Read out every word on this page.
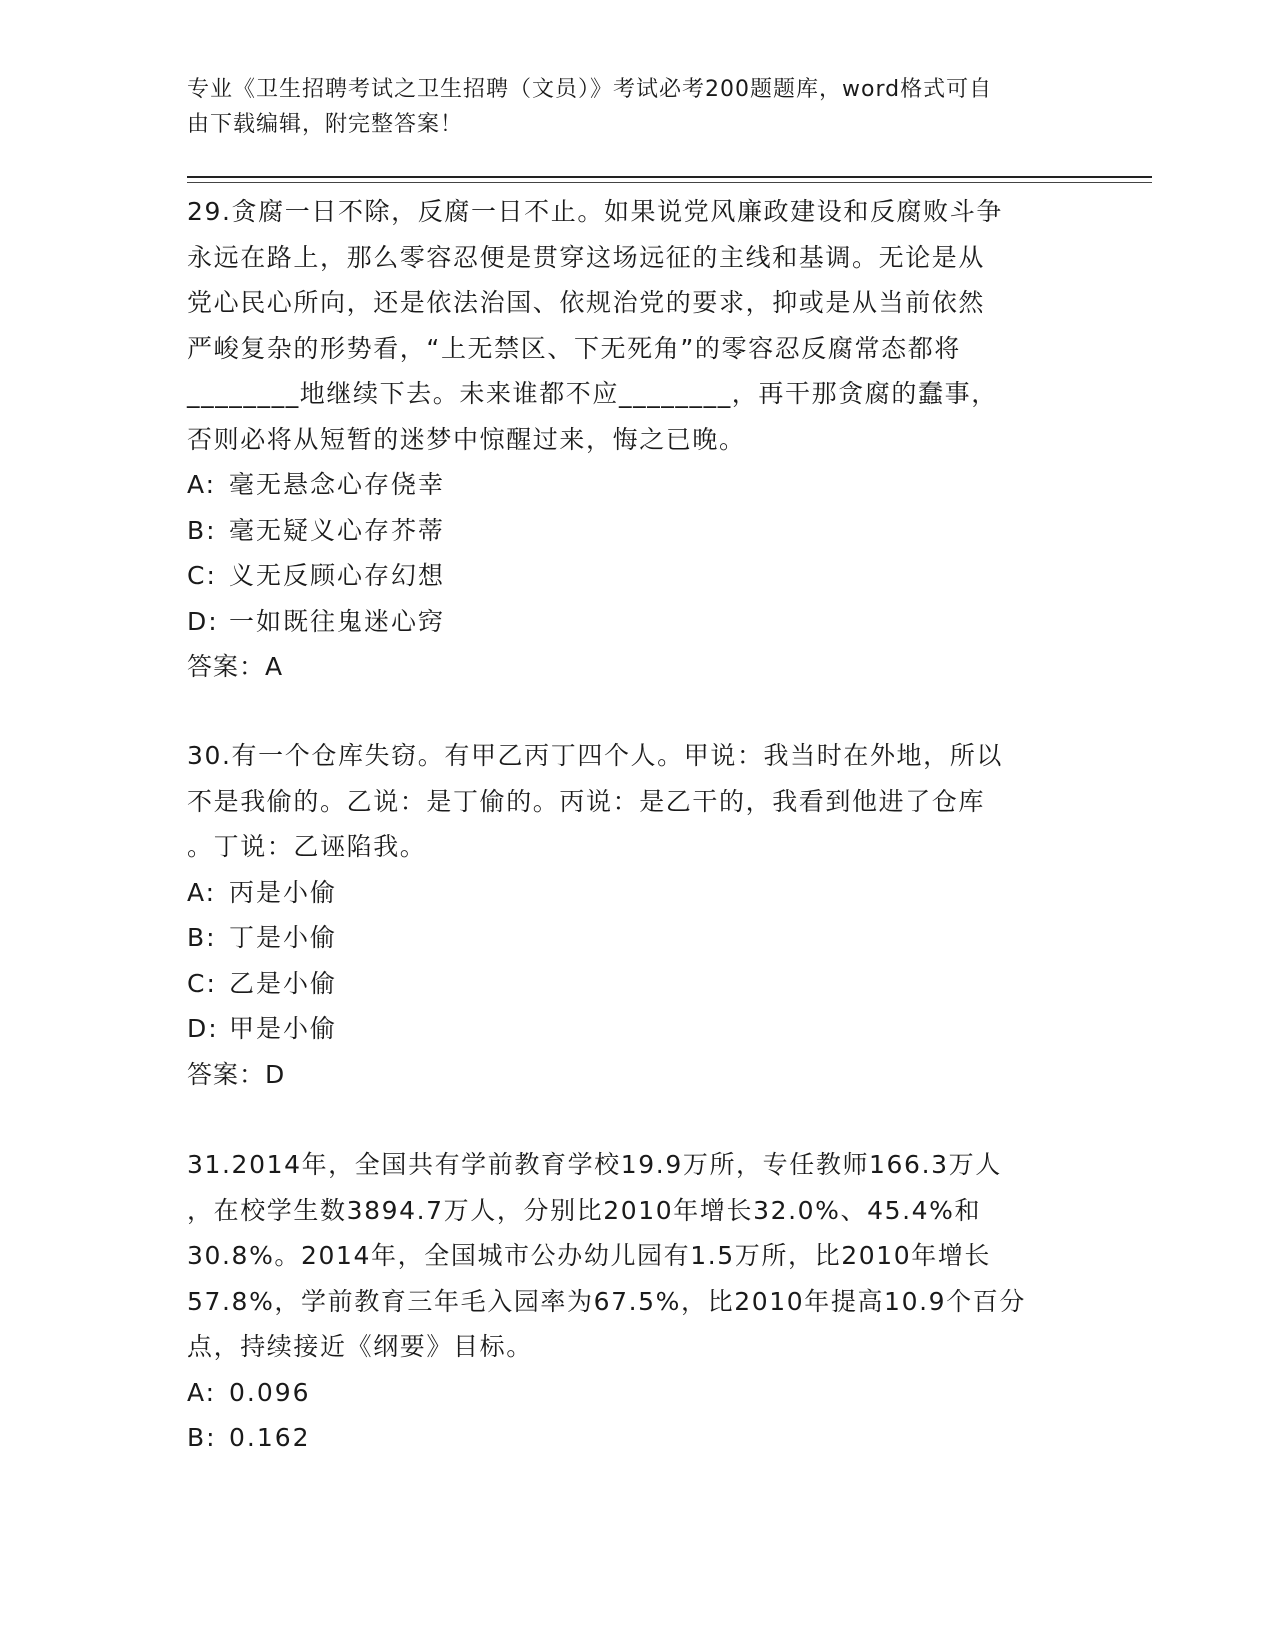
专业《卫生招聘考试之卫生招聘（文员）》考试必考200题题库，word格式可自
由下载编辑，附完整答案！
29.贪腐一日不除，反腐一日不止。如果说党风廉政建设和反腐败斗争
永远在路上，那么零容忍便是贯穿这场远征的主线和基调。无论是从
党心民心所向，还是依法治国、依规治党的要求，抑或是从当前依然
严峻复杂的形势看，“上无禁区、下无死角”的零容忍反腐常态都将
________地继续下去。未来谁都不应________，再干那贪腐的蠢事，
否则必将从短暂的迷梦中惊醒过来，悔之已晚。
A: 毫无悬念心存侥幸
B: 毫无疑义心存芥蒂
C: 义无反顾心存幻想
D: 一如既往鬼迷心窍
答案：A
30.有一个仓库失窃。有甲乙丙丁四个人。甲说：我当时在外地，所以
不是我偷的。乙说：是丁偷的。丙说：是乙干的，我看到他进了仓库
。丁说：乙诬陷我。
A: 丙是小偷
B: 丁是小偷
C: 乙是小偷
D: 甲是小偷
答案：D
31.2014年，全国共有学前教育学校19.9万所，专任教师166.3万人
，在校学生数3894.7万人，分别比2010年增长32.0%、45.4%和
30.8%。2014年，全国城市公办幼儿园有1.5万所，比2010年增长
57.8%，学前教育三年毛入园率为67.5%，比2010年提高10.9个百分
点，持续接近《纲要》目标。
A: 0.096
B: 0.162
